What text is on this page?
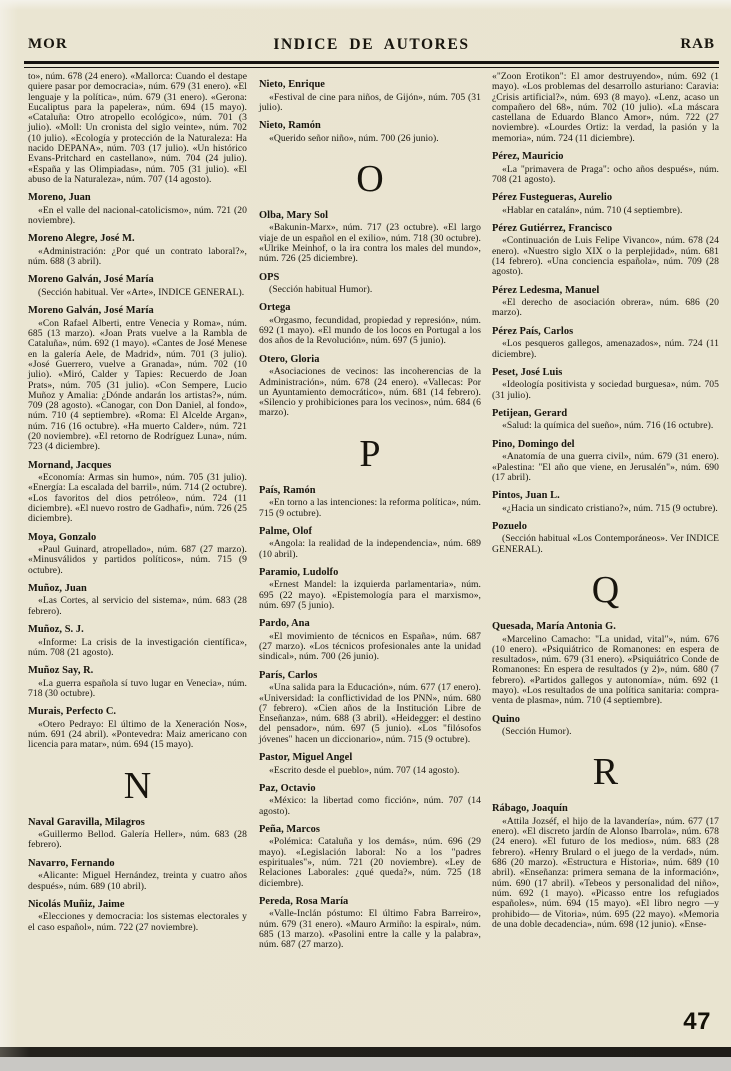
MOR	INDICE DE AUTORES	RAB

to», núm. 678 (24 enero). «Mallorca: Cuando el destape quiere pasar por democracia», núm. 679 (31 enero). «El lenguaje y la política», núm. 679 (31 enero). «Gerona: Eucaliptus para la papelera», núm. 694 (15 mayo). «Cataluña: Otro atropello ecológico», núm. 701 (3 julio). «Moll: Un cronista del siglo veinte», núm. 702 (10 julio). «Ecología y protección de la Naturaleza: Ha nacido DEPANA», núm. 703 (17 julio). «Un histórico Evans-Pritchard en castellano», núm. 704 (24 julio). «España y las Olimpiadas», núm. 705 (31 julio). «El abuso de la Naturaleza», núm. 707 (14 agosto).

Moreno, Juan

«En el valle del nacional-catolicismo», núm. 721 (20 noviembre).

Moreno Alegre, José M.

«Administración: ¿Por qué un contrato laboral?», núm. 688 (3 abril).

Moreno Galván, José María

(Sección habitual. Ver «Arte», INDICE GENERAL).

Moreno Galván, José María

«Con Rafael Alberti, entre Venecia y Roma», núm. 685 (13 marzo). «Joan Prats vuelve a la Rambla de Cataluña», núm. 692 (1 mayo). «Cantes de José Menese en la galería Aele, de Madrid», núm. 701 (3 julio). «José Guerrero, vuelve a Granada», núm. 702 (10 julio). «Miró, Calder y Tapies: Recuerdo de Joan Prats», núm. 705 (31 julio). «Con Sempere, Lucio Muñoz y Amalia: ¿Dónde andarán los artistas?», núm. 709 (28 agosto). «Canogar, con Don Daniel, al fondo», núm. 710 (4 septiembre). «Roma: El Alcelde Argan», núm. 716 (16 octubre). «Ha muerto Calder», núm. 721 (20 noviembre). «El retorno de Rodríguez Luna», núm. 723 (4 diciembre).

Mornand, Jacques

«Economía: Armas sin humo», núm. 705 (31 julio). «Energía: La escalada del barril», núm. 714 (2 octubre). «Los favoritos del dios petróleo», núm. 724 (11 diciembre). «El nuevo rostro de Gadhafi», núm. 726 (25 diciembre).

Moya, Gonzalo

«Paul Guinard, atropellado», núm. 687 (27 marzo). «Minusválidos y partidos políticos», núm. 715 (9 octubre).

Muñoz, Juan

«Las Cortes, al servicio del sistema», núm. 683 (28 febrero).

Muñoz, S. J.

«Informe: La crisis de la investigación científica», núm. 708 (21 agosto).

Muñoz Say, R.

«La guerra española sí tuvo lugar en Venecia», núm. 718 (30 octubre).

Murais, Perfecto C.

«Otero Pedrayo: El último de la Xeneración Nos», núm. 691 (24 abril). «Pontevedra: Maiz americano con licencia para matar», núm. 694 (15 mayo).

N
Naval Garavilla, Milagros

«Guillermo Bellod. Galería Heller», núm. 683 (28 febrero).

Navarro, Fernando

«Alicante: Miguel Hernández, treinta y cuatro años después», núm. 689 (10 abril).

Nicolás Muñiz, Jaime

«Elecciones y democracia: los sistemas electorales y el caso español», núm. 722 (27 noviembre).

Nieto, Enrique

«Festival de cine para niños, de Gijón», núm. 705 (31 julio).

Nieto, Ramón

«Querido señor niño», núm. 700 (26 junio).

O
Olba, Mary Sol

«Bakunin-Marx», núm. 717 (23 octubre). «El largo viaje de un español en el exilio», núm. 718 (30 octubre). «Ulrike Meinhof, o la ira contra los males del mundo», núm. 726 (25 diciembre).

OPS

(Sección habitual Humor).

Ortega

«Orgasmo, fecundidad, propiedad y represión», núm. 692 (1 mayo). «El mundo de los locos en Portugal a los dos años de la Revolución», núm. 697 (5 junio).

Otero, Gloria

«Asociaciones de vecinos: las incoherencias de la Administración», núm. 678 (24 enero). «Vallecas: Por un Ayuntamiento democrático», núm. 681 (14 febrero). «Silencio y prohibiciones para los vecinos», núm. 684 (6 marzo).

P
País, Ramón

«En torno a las intenciones: la reforma política», núm. 715 (9 octubre).

Palme, Olof

«Angola: la realidad de la independencia», núm. 689 (10 abril).

Paramio, Ludolfo

«Ernest Mandel: la izquierda parlamentaria», núm. 695 (22 mayo). «Epistemología para el marxismo», núm. 697 (5 junio).

Pardo, Ana

«El movimiento de técnicos en España», núm. 687 (27 marzo). «Los técnicos profesionales ante la unidad sindical», núm. 700 (26 junio).

París, Carlos

«Una salida para la Educación», núm. 677 (17 enero). «Universidad: la conflictividad de los PNN», núm. 680 (7 febrero). «Cien años de la Institución Libre de Enseñanza», núm. 688 (3 abril). «Heidegger: el destino del pensador», núm. 697 (5 junio). «Los "filósofos jóvenes" hacen un diccionario», núm. 715 (9 octubre).

Pastor, Miguel Angel

«Escrito desde el pueblo», núm. 707 (14 agosto).

Paz, Octavio

«México: la libertad como ficción», núm. 707 (14 agosto).

Peña, Marcos

«Polémica: Cataluña y los demás», núm. 696 (29 mayo). «Legislación laboral: No a los "padres espirituales"», núm. 721 (20 noviembre). «Ley de Relaciones Laborales: ¿qué queda?», núm. 725 (18 diciembre).

Pereda, Rosa María

«Valle-Inclán póstumo: El último Fabra Barreiro», núm. 679 (31 enero). «Mauro Armiño: la espiral», núm. 685 (13 marzo). «Pasolini entre la calle y la palabra», núm. 687 (27 marzo).

«"Zoon Erotikon": El amor destruyendo», núm. 692 (1 mayo). «Los problemas del desarrollo asturiano: Caravia: ¿Crisis artificial?», núm. 693 (8 mayo). «Lenz, acaso un compañero del 68», núm. 702 (10 julio). «La máscara castellana de Eduardo Blanco Amor», núm. 722 (27 noviembre). «Lourdes Ortiz: la verdad, la pasión y la memoria», núm. 724 (11 diciembre).

Pérez, Mauricio

«La "primavera de Praga": ocho años después», núm. 708 (21 agosto).

Pérez Fustegueras, Aurelio

«Hablar en catalán», núm. 710 (4 septiembre).

Pérez Gutiérrez, Francisco

«Continuación de Luis Felipe Vivanco», núm. 678 (24 enero). «Nuestro siglo XIX o la perplejidad», núm. 681 (14 febrero). «Una conciencia española», núm. 709 (28 agosto).

Pérez Ledesma, Manuel

«El derecho de asociación obrera», núm. 686 (20 marzo).

Pérez País, Carlos

«Los pesqueros gallegos, amenazados», núm. 724 (11 diciembre).

Peset, José Luis

«Ideología positivista y sociedad burguesa», núm. 705 (31 julio).

Petijean, Gerard

«Salud: la química del sueño», núm. 716 (16 octubre).

Pino, Domingo del

«Anatomía de una guerra civil», núm. 679 (31 enero). «Palestina: "El año que viene, en Jerusalén"», núm. 690 (17 abril).

Pintos, Juan L.

«¿Hacia un sindicato cristiano?», núm. 715 (9 octubre).

Pozuelo

(Sección habitual «Los Contemporáneos». Ver INDICE GENERAL).

Q
Quesada, María Antonia G.

«Marcelino Camacho: "La unidad, vital"», núm. 676 (10 enero). «Psiquiátrico de Romanones: en espera de resultados», núm. 679 (31 enero). «Psiquiátrico Conde de Romanones: En espera de resultados (y 2)», núm. 680 (7 febrero). «Partidos gallegos y autonomía», núm. 692 (1 mayo). «Los resultados de una política sanitaria: compra-venta de plasma», núm. 710 (4 septiembre).

Quino

(Sección Humor).

R
Rábago, Joaquín

«Attila Jozséf, el hijo de la lavandería», núm. 677 (17 enero). «El discreto jardín de Alonso Ibarrola», núm. 678 (24 enero). «El futuro de los medios», núm. 683 (28 febrero). «Henry Brulard o el juego de la verdad», núm. 686 (20 marzo). «Estructura e Historia», núm. 689 (10 abril). «Enseñanza: primera semana de la información», núm. 690 (17 abril). «Tebeos y personalidad del niño», núm. 692 (1 mayo). «Picasso entre los refugiados españoles», núm. 694 (15 mayo). «El libro negro —y prohibido— de Vitoria», núm. 695 (22 mayo). «Memoria de una doble decadencia», núm. 698 (12 junio). «Ense-

47
